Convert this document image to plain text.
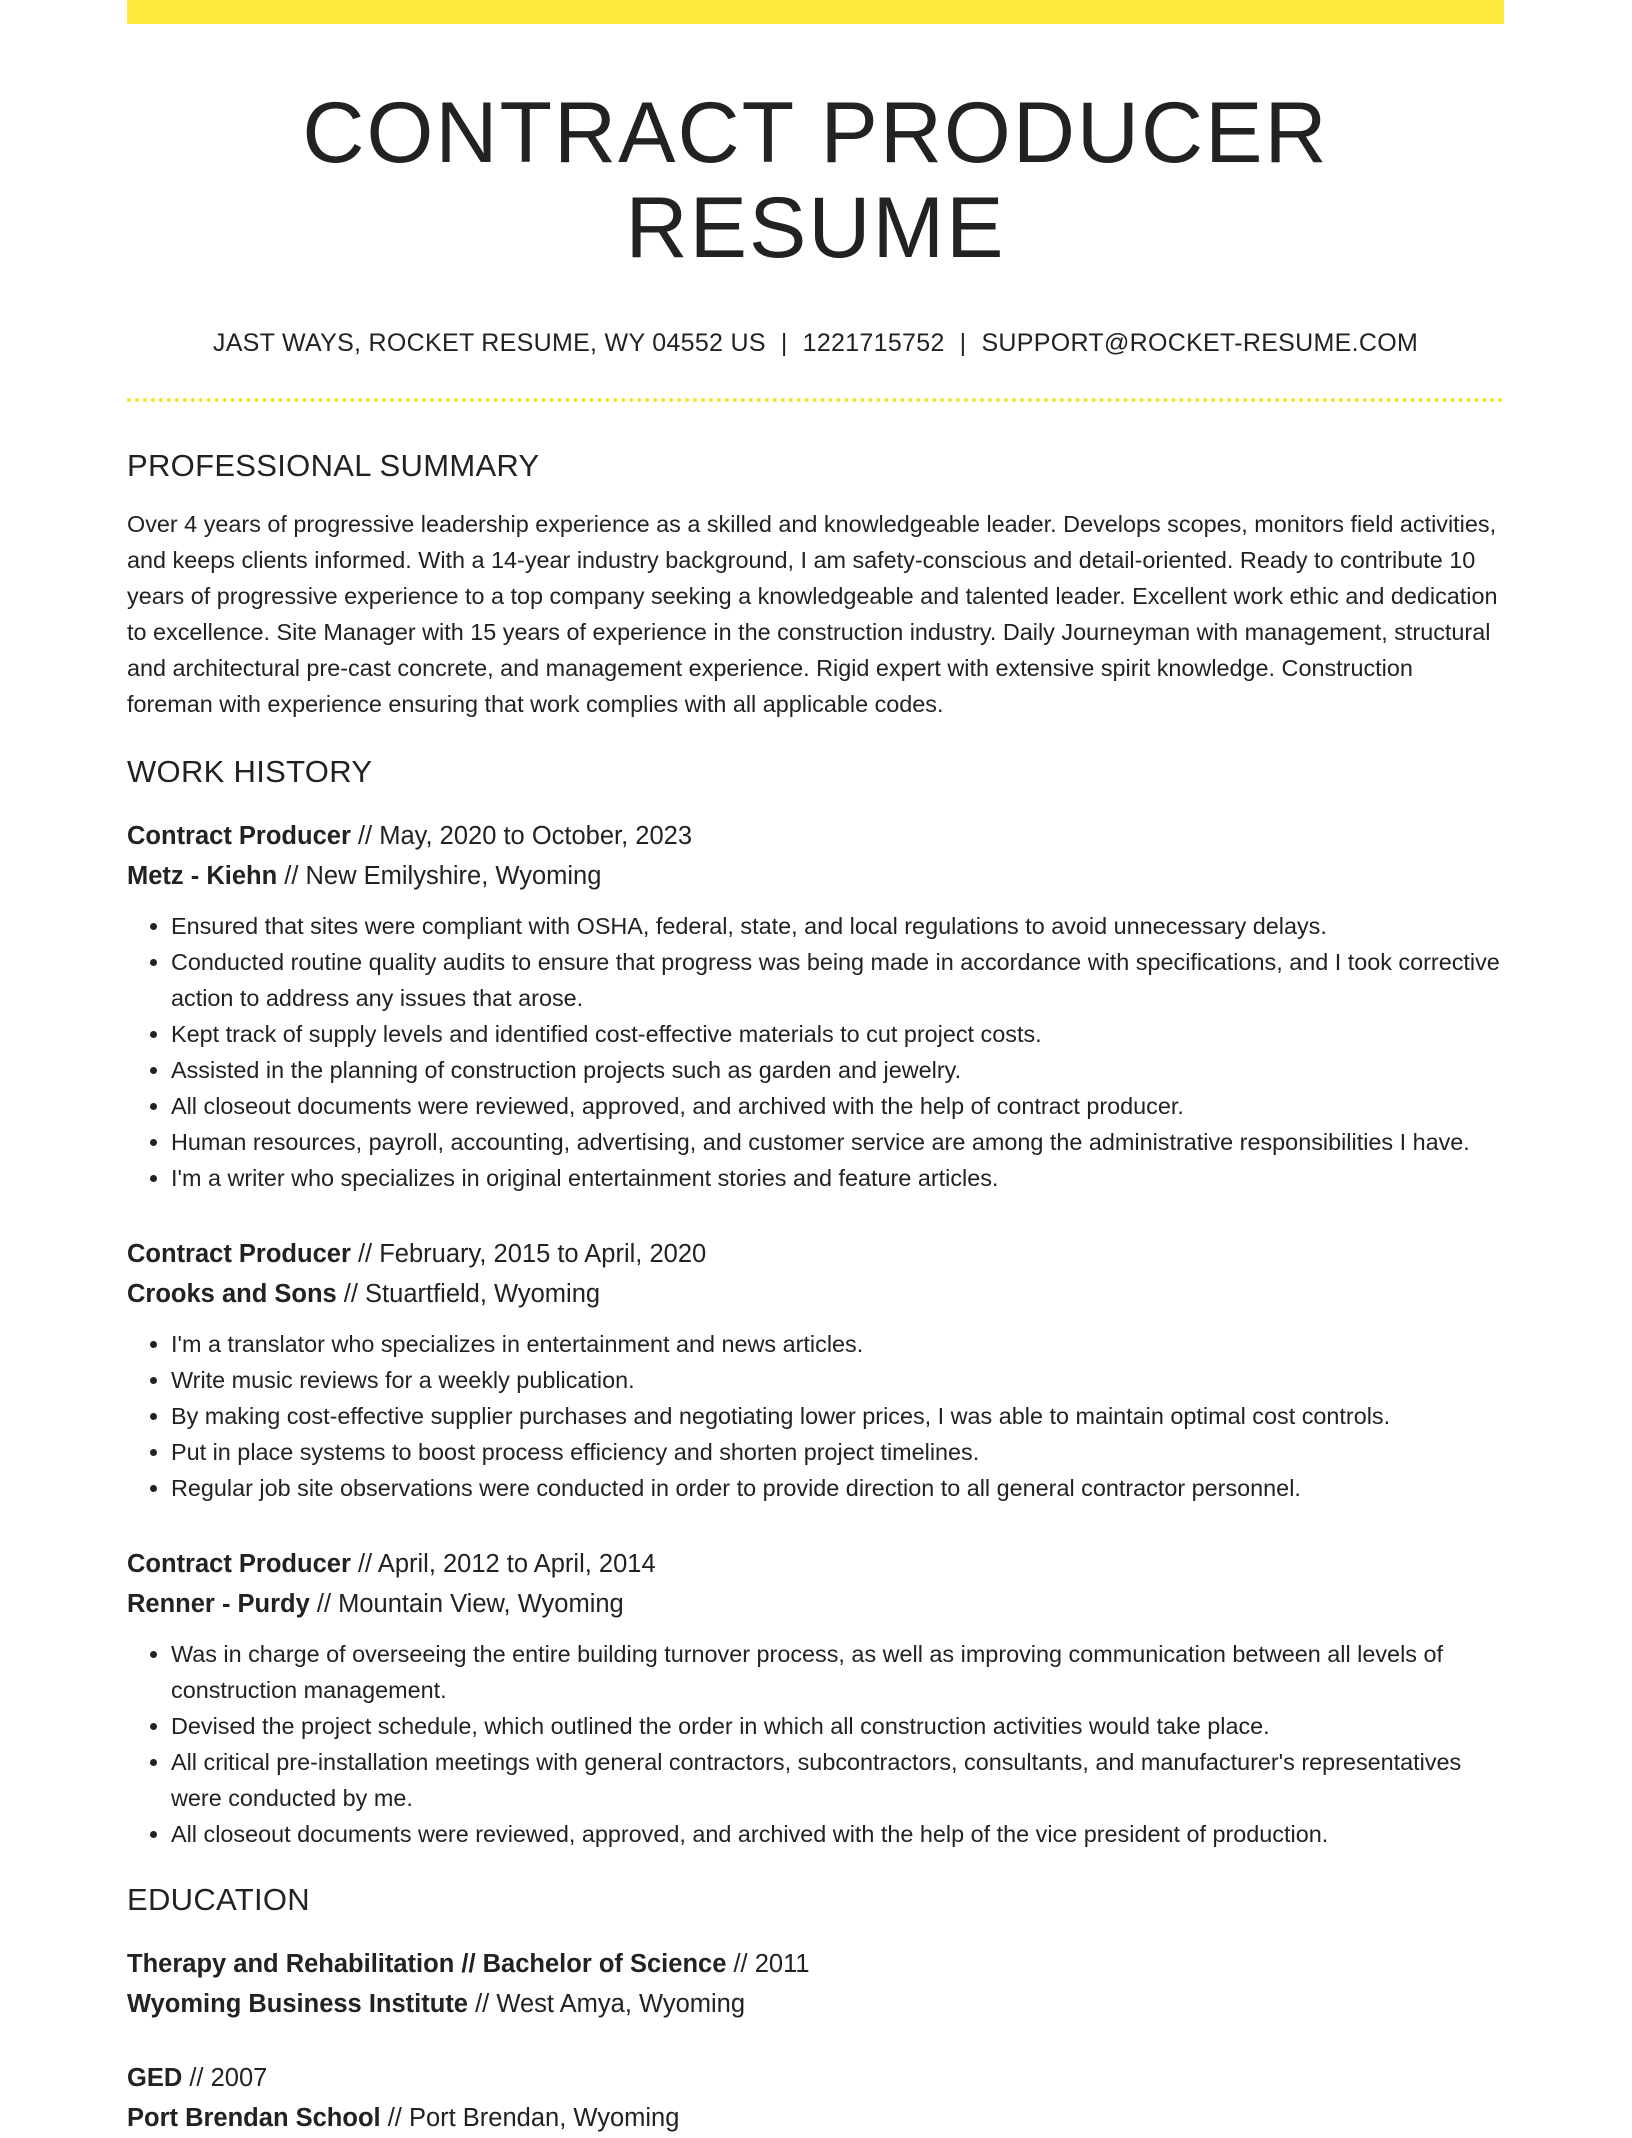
CONTRACT PRODUCER RESUME
JAST WAYS, ROCKET RESUME, WY 04552 US | 1221715752 | SUPPORT@ROCKET-RESUME.COM
PROFESSIONAL SUMMARY
Over 4 years of progressive leadership experience as a skilled and knowledgeable leader. Develops scopes, monitors field activities, and keeps clients informed. With a 14-year industry background, I am safety-conscious and detail-oriented. Ready to contribute 10 years of progressive experience to a top company seeking a knowledgeable and talented leader. Excellent work ethic and dedication to excellence. Site Manager with 15 years of experience in the construction industry. Daily Journeyman with management, structural and architectural pre-cast concrete, and management experience. Rigid expert with extensive spirit knowledge. Construction foreman with experience ensuring that work complies with all applicable codes.
WORK HISTORY
Contract Producer // May, 2020 to October, 2023
Metz - Kiehn // New Emilyshire, Wyoming
• Ensured that sites were compliant with OSHA, federal, state, and local regulations to avoid unnecessary delays.
• Conducted routine quality audits to ensure that progress was being made in accordance with specifications, and I took corrective action to address any issues that arose.
• Kept track of supply levels and identified cost-effective materials to cut project costs.
• Assisted in the planning of construction projects such as garden and jewelry.
• All closeout documents were reviewed, approved, and archived with the help of contract producer.
• Human resources, payroll, accounting, advertising, and customer service are among the administrative responsibilities I have.
• I'm a writer who specializes in original entertainment stories and feature articles.
Contract Producer // February, 2015 to April, 2020
Crooks and Sons // Stuartfield, Wyoming
• I'm a translator who specializes in entertainment and news articles.
• Write music reviews for a weekly publication.
• By making cost-effective supplier purchases and negotiating lower prices, I was able to maintain optimal cost controls.
• Put in place systems to boost process efficiency and shorten project timelines.
• Regular job site observations were conducted in order to provide direction to all general contractor personnel.
Contract Producer // April, 2012 to April, 2014
Renner - Purdy // Mountain View, Wyoming
• Was in charge of overseeing the entire building turnover process, as well as improving communication between all levels of construction management.
• Devised the project schedule, which outlined the order in which all construction activities would take place.
• All critical pre-installation meetings with general contractors, subcontractors, consultants, and manufacturer's representatives were conducted by me.
• All closeout documents were reviewed, approved, and archived with the help of the vice president of production.
EDUCATION
Therapy and Rehabilitation // Bachelor of Science // 2011
Wyoming Business Institute // West Amya, Wyoming
GED // 2007
Port Brendan School // Port Brendan, Wyoming
